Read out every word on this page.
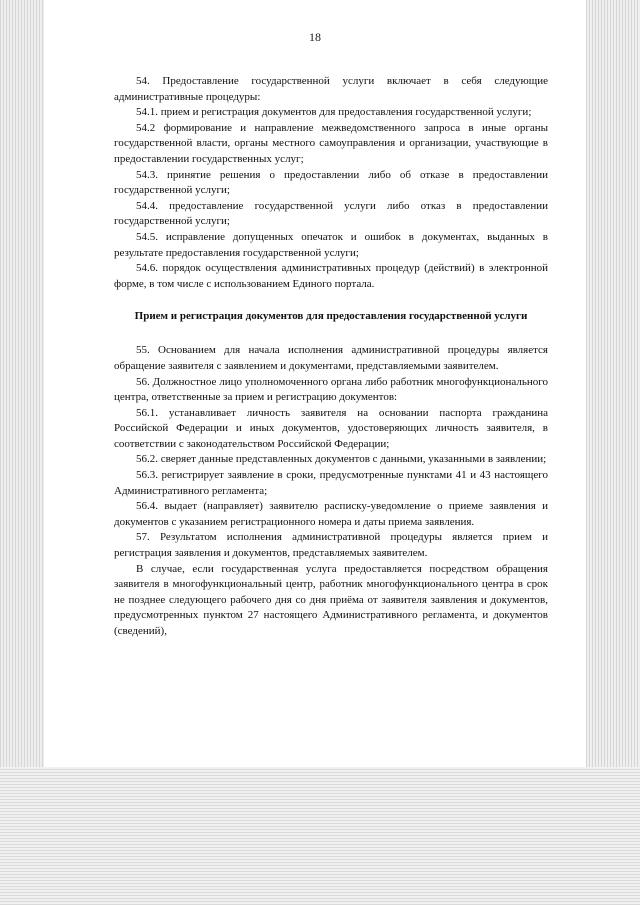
18

54. Предоставление государственной услуги включает в себя следующие административные процедуры:

54.1. прием и регистрация документов для предоставления государственной услуги;

54.2 формирование и направление межведомственного запроса в иные органы государственной власти, органы местного самоуправления и организации, участвующие в предоставлении государственных услуг;

54.3. принятие решения о предоставлении либо об отказе в предоставлении государственной услуги;

54.4. предоставление государственной услуги либо отказ в предоставлении государственной услуги;

54.5. исправление допущенных опечаток и ошибок в документах, выданных в результате предоставления государственной услуги;

54.6. порядок осуществления административных процедур (действий) в электронной форме, в том числе с использованием Единого портала.

Прием и регистрация документов для предоставления государственной услуги

55. Основанием для начала исполнения административной процедуры является обращение заявителя с заявлением и документами, представляемыми заявителем.

56. Должностное лицо уполномоченного органа либо работник многофункционального центра, ответственные за прием и регистрацию документов:

56.1. устанавливает личность заявителя на основании паспорта гражданина Российской Федерации и иных документов, удостоверяющих личность заявителя, в соответствии с законодательством Российской Федерации;

56.2. сверяет данные представленных документов с данными, указанными в заявлении;

56.3. регистрирует заявление в сроки, предусмотренные пунктами 41 и 43 настоящего Административного регламента;

56.4. выдает (направляет) заявителю расписку-уведомление о приеме заявления и документов с указанием регистрационного номера и даты приема заявления.

57. Результатом исполнения административной процедуры является прием и регистрация заявления и документов, представляемых заявителем.

В случае, если государственная услуга предоставляется посредством обращения заявителя в многофункциональный центр, работник многофункционального центра в срок не позднее следующего рабочего дня со дня приёма от заявителя заявления и документов, предусмотренных пунктом 27 настоящего Административного регламента, и документов (сведений),
